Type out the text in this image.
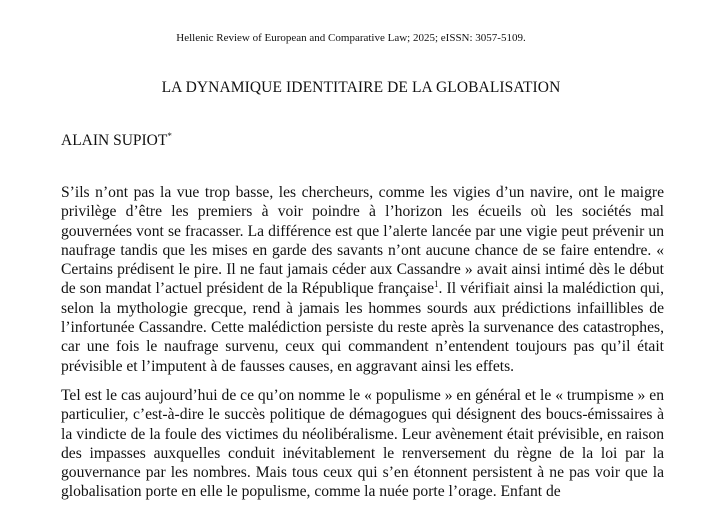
Hellenic Review of European and Comparative Law; 2025; eISSN: 3057-5109.
LA DYNAMIQUE IDENTITAIRE DE LA GLOBALISATION
ALAIN SUPIOT*

S’ils n’ont pas la vue trop basse, les chercheurs, comme les vigies d’un navire, ont le maigre privilège d’être les premiers à voir poindre à l’horizon les écueils où les sociétés mal gouvernées vont se fracasser. La différence est que l’alerte lancée par une vigie peut prévenir un naufrage tandis que les mises en garde des savants n’ont aucune chance de se faire entendre. « Certains prédisent le pire. Il ne faut jamais céder aux Cassandre » avait ainsi intimé dès le début de son mandat l’actuel président de la République française$^1$. Il vérifiait ainsi la malédiction qui, selon la mythologie grecque, rend à jamais les hommes sourds aux prédictions infaillibles de l’infortunée Cassandre. Cette malédiction persiste du reste après la survenance des catastrophes, car une fois le naufrage survenu, ceux qui commandent n’entendent toujours pas qu’il était prévisible et l’imputent à de fausses causes, en aggravant ainsi les effets.

Tel est le cas aujourd’hui de ce qu’on nomme le « populisme » en général et le « trumpisme » en particulier, c’est-à-dire le succès politique de démagogues qui désignent des boucs-émissaires à la vindicte de la foule des victimes du néolibéralisme. Leur avènement était prévisible, en raison des impasses auxquelles conduit inévitablement le renversement du règne de la loi par la gouvernance par les nombres. Mais tous ceux qui s’en étonnent persistent à ne pas voir que la globalisation porte en elle le populisme, comme la nuée porte l’orage. Enfant de
